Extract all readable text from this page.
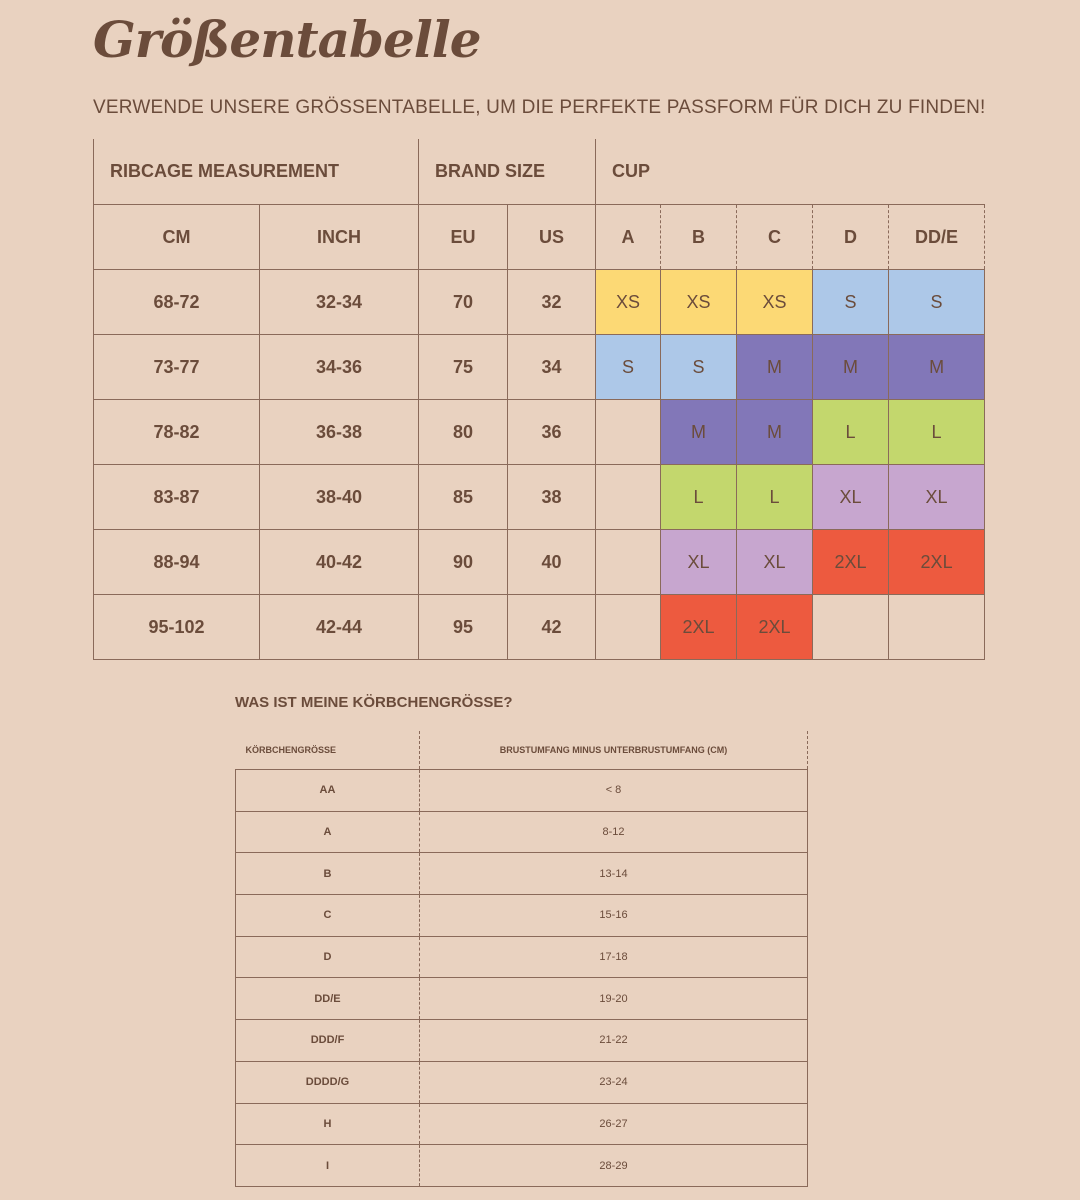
Größentabelle
VERWENDE UNSERE GRÖSSENTABELLE, UM DIE PERFEKTE PASSFORM FÜR DICH ZU FINDEN!
RIBCAGE MEASUREMENT		BRAND SIZE		CUP				
CM	INCH	EU	US	A	B	C	D	DD/E
68-72	32-34	70	32	XS	XS	XS	S	S
73-77	34-36	75	34	S	S	M	M	M
78-82	36-38	80	36		M	M	L	L
83-87	38-40	85	38		L	L	XL	XL
88-94	40-42	90	40		XL	XL	2XL	2XL
95-102	42-44	95	42		2XL	2XL		
WAS IST MEINE KÖRBCHENGRÖSSE?
KÖRBCHENGRÖSSE	BRUSTUMFANG MINUS UNTERBRUSTUMFANG (CM)
AA	< 8
A	8-12
B	13-14
C	15-16
D	17-18
DD/E	19-20
DDD/F	21-22
DDDD/G	23-24
H	26-27
I	28-29
